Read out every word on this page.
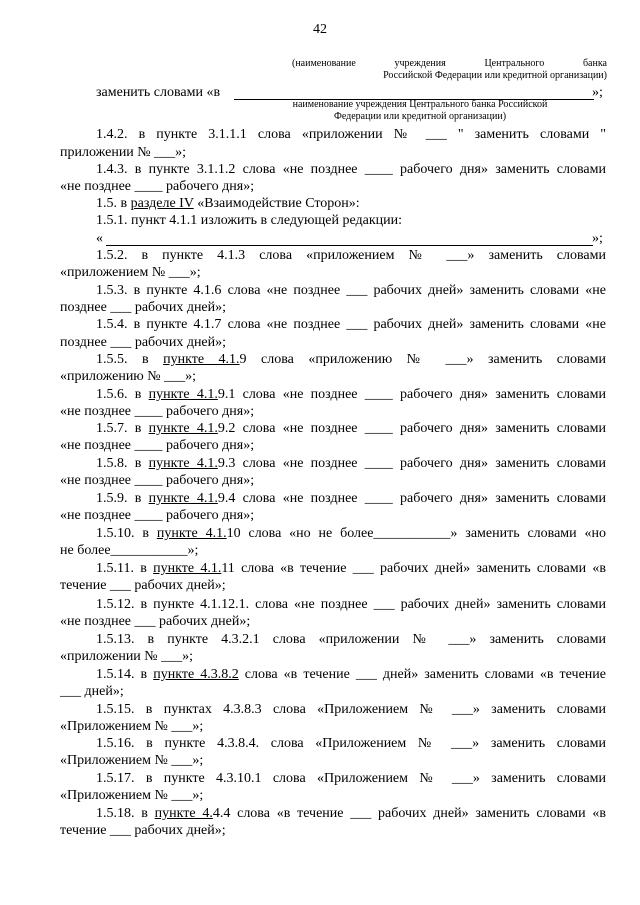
42
(наименование учреждения Центрального банка
Российской Федерации или кредитной организации)
заменить словами «в	»;
наименование учреждения Центрального банка Российской
Федерации или кредитной организации)
1.4.2. в пункте 3.1.1.1 слова «приложении № ___ " заменить словами "
приложении № ___»;
1.4.3. в пункте 3.1.1.2 слова «не позднее ____ рабочего дня» заменить словами
«не позднее ____ рабочего дня»;
1.5. в разделе IV «Взаимодействие Сторон»:
1.5.1. пункт 4.1.1 изложить в следующей редакции:
«	»;
1.5.2. в пункте 4.1.3 слова «приложением № ___» заменить словами
«приложением № ___»;
1.5.3. в пункте 4.1.6 слова «не позднее ___ рабочих дней» заменить словами «не
позднее ___ рабочих дней»;
1.5.4. в пункте 4.1.7 слова «не позднее ___ рабочих дней» заменить словами «не
позднее ___ рабочих дней»;
1.5.5. в пункте 4.1.9 слова «приложению № ___» заменить словами
«приложению № ___»;
1.5.6. в пункте 4.1.9.1 слова «не позднее ____ рабочего дня» заменить словами
«не позднее ____ рабочего дня»;
1.5.7. в пункте 4.1.9.2 слова «не позднее ____ рабочего дня» заменить словами
«не позднее ____ рабочего дня»;
1.5.8. в пункте 4.1.9.3 слова «не позднее ____ рабочего дня» заменить словами
«не позднее ____ рабочего дня»;
1.5.9. в пункте 4.1.9.4 слова «не позднее ____ рабочего дня» заменить словами
«не позднее ____ рабочего дня»;
1.5.10. в пункте 4.1.10 слова «но не более___________» заменить словами «но
не более___________»;
1.5.11. в пункте 4.1.11 слова «в течение ___ рабочих дней» заменить словами «в
течение ___ рабочих дней»;
1.5.12. в пункте 4.1.12.1. слова «не позднее ___ рабочих дней» заменить словами
«не позднее ___ рабочих дней»;
1.5.13. в пункте 4.3.2.1 слова «приложении № ___» заменить словами
«приложении № ___»;
1.5.14. в пункте 4.3.8.2 слова «в течение ___ дней» заменить словами «в течение
___ дней»;
1.5.15. в пунктах 4.3.8.3 слова «Приложением № ___» заменить словами
«Приложением № ___»;
1.5.16. в пункте 4.3.8.4. слова «Приложением № ___» заменить словами
«Приложением № ___»;
1.5.17. в пункте 4.3.10.1 слова «Приложением № ___» заменить словами
«Приложением № ___»;
1.5.18. в пункте 4.4.4 слова «в течение ___ рабочих дней» заменить словами «в
течение ___ рабочих дней»;
